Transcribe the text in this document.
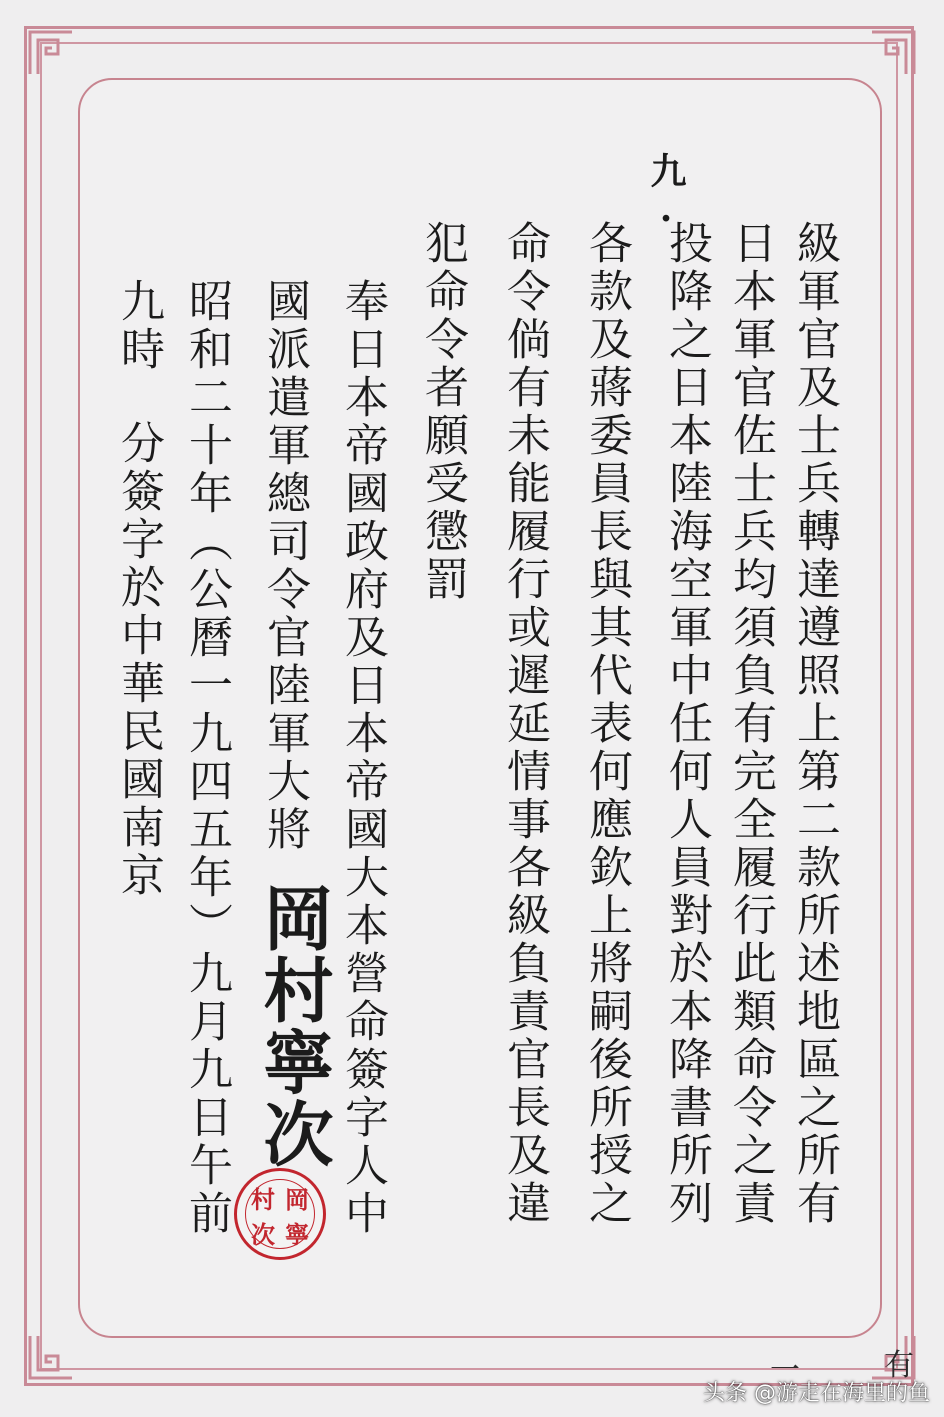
九.
級軍官及士兵轉達遵照上第二款所述地區之所有
日本軍官佐士兵均須負有完全履行此類命令之責
投降之日本陸海空軍中任何人員對於本降書所列
各款及蔣委員長與其代表何應欽上將嗣後所授之
命令倘有未能履行或遲延情事各級負責官長及違
犯命令者願受懲罰
奉日本帝國政府及日本帝國大本營命簽字人中
國派遣軍總司令官陸軍大將
昭和二十年（公曆一九四五年）九月九日午前
九時
分簽字於中華民國南京
岡村寧次
村 岡
次 寧
一	有
头条 @游走在海里的鱼
